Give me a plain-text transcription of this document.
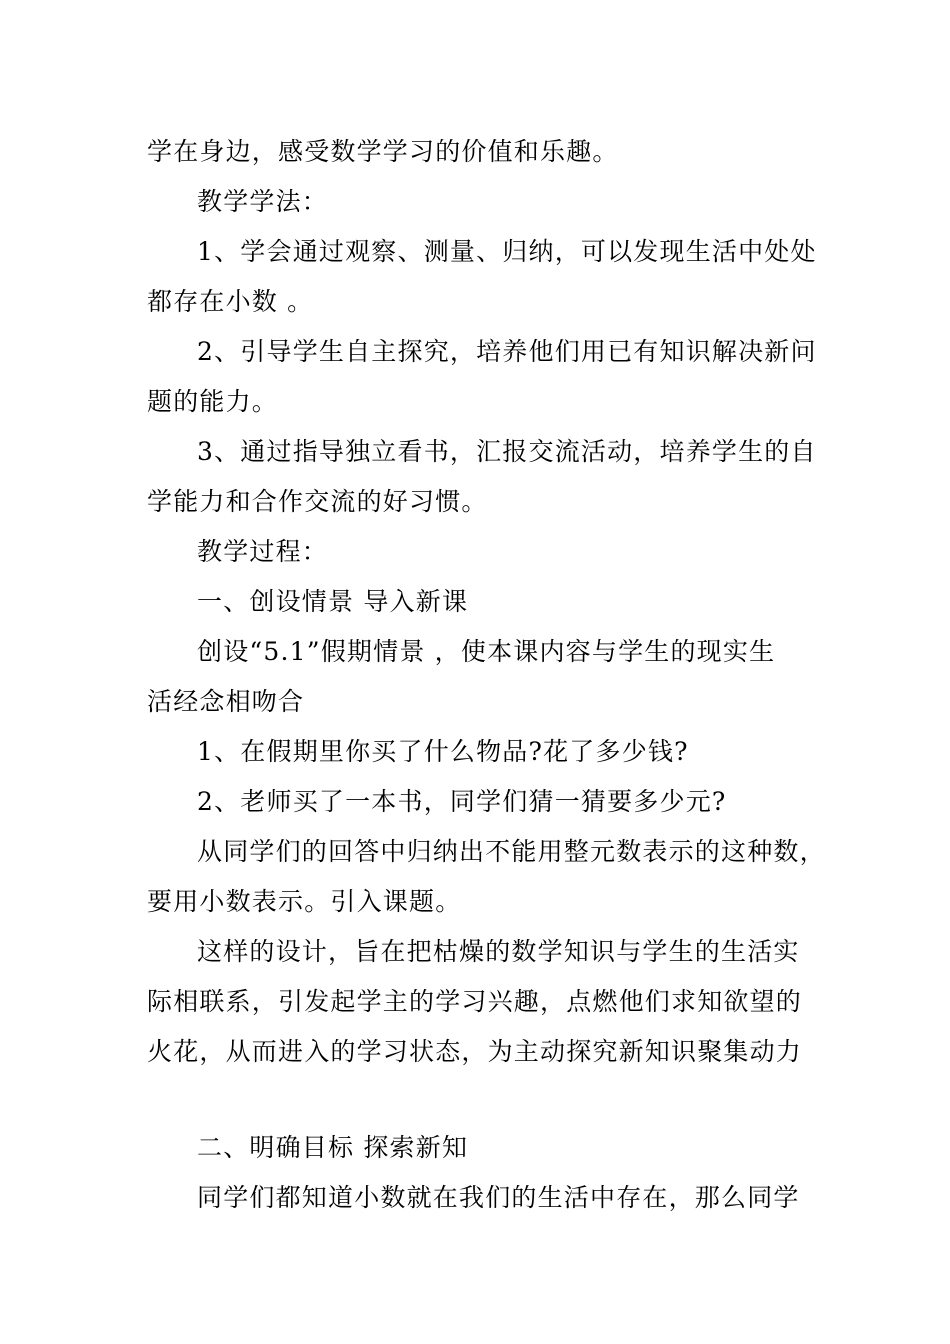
学在身边，感受数学学习的价值和乐趣。
教学学法：
1、学会通过观察、测量、归纳，可以发现生活中处处
都存在小数 。
2、引导学生自主探究，培养他们用已有知识解决新问
题的能力。
3、通过指导独立看书，汇报交流活动，培养学生的自
学能力和合作交流的好习惯。
教学过程：
一、创设情景 导入新课
创设“5.1”假期情景 ，使本课内容与学生的现实生
活经念相吻合
1、在假期里你买了什么物品?花了多少钱?
2、老师买了一本书，同学们猜一猜要多少元?
从同学们的回答中归纳出不能用整元数表示的这种数，
要用小数表示。引入课题。
这样的设计，旨在把枯燥的数学知识与学生的生活实
际相联系，引发起学主的学习兴趣，点燃他们求知欲望的
火花，从而进入的学习状态，为主动探究新知识聚集动力
二、明确目标 探索新知
同学们都知道小数就在我们的生活中存在，那么同学
